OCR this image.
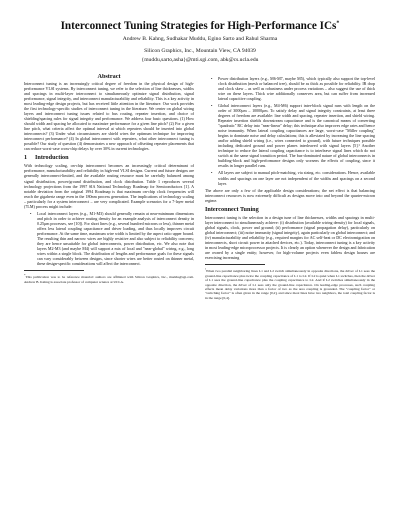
Interconnect Tuning Strategies for High-Performance ICs*
Andrew B. Kahng, Sudhakar Muddu, Egino Sarto and Rahul Sharma
Silicon Graphics, Inc., Mountain View, CA 94039
{muddu,sarto,asha}@mti.sgi.com, abk@cs.ucla.edu
Abstract

Interconnect tuning is an increasingly critical degree of freedom in the physical design of high-performance VLSI systems. By interconnect tuning, we refer to the selection of line thicknesses, widths and spacings in multi-layer interconnect to simultaneously optimize signal distribution, signal performance, signal integrity, and interconnect manufacturability and reliability. This is a key activity in most leading-edge design projects, but has received little attention in the literature. Our work provides the first technology-specific studies of interconnect tuning in the literature. We center on global wiring layers and interconnect tuning issues related to bus routing, repeater insertion, and choice of shielding/spacing rules for signal integrity and performance. We address four basic questions. (1) How should width and spacing be allocated to maximize performance for a given line pitch? (2) For a given line pitch, what criteria affect the optimal interval at which repeaters should be inserted into global interconnects? (3) Under what circumstances are shield wires the optimum technique for improving interconnect performance? (4) In global interconnect with repeaters, what other interconnect tuning is possible? Our study of question (4) demonstrates a new approach of offsetting repeater placements that can reduce worst-case cross-chip delays by over 30% in current technologies.

1 Introduction

With technology scaling, on-chip interconnect becomes an increasingly critical determinant of performance, manufacturability and reliability in high-end VLSI designs. Current and future designs are generally interconnect-limited, and the available routing resource must be carefully balanced among signal distribution, power/ground distribution, and clock distribution. Table 1 reproduces several technology projections from the 1997 SIA National Technology Roadmap for Semiconductors [1]. A notable deviation from the original 1994 Roadmap is that maximum on-chip clock frequencies will reach the gigahertz range even in the 180nm process generation. The implications of technology scaling – particularly for a system interconnect – are very complicated. Example scenarios for a 7-layer metal (7LM) process might include:

• Local interconnect layers (e.g., M1-M3) should generally remain at near-minimum dimensions and pitch in order to achieve routing density for an example analysis of interconnect density in 0.25μm processes, see [10]). For short lines (e.g., several hundred microns or less), thinner metal offers less lateral coupling capacitance and driver loading, and thus locally improves circuit performance. At the same time, maximum wire width is limited by the aspect ratio upper bound. The resulting thin and narrow wires are highly resistive and also subject to reliability concerns; they are hence unsuitable for global interconnects, power distribution, etc. We also note that layers M2-M3 (and maybe M4) will support a mix of local and "near-global" wiring, e.g., long wires within a single block. The distribution of lengths and performance goals for these signals can vary considerably between designs, since shorter wires are better routed on thinner metal, these design-specific considerations will affect the interconnect.
*This publication was to be reference material: authors are affiliated with Silicon Graphics, Inc., muddu@sgi.com. Andrew B. Kahng is associate professor of computer science at UCLA.
• Power distribution layers (e.g., M6-M7, maybe M5), which typically also support the top-level clock distribution (mesh or balanced tree), should be as thick as possible for reliability. IR drop and clock skew – as well as robustness under process variations – also suggest the use of thick wire on these layers. Thick wire additionally conserves area, but can suffer from increased lateral capacitive coupling.
• Global interconnect layers (e.g., M4-M6) support inter-block signal runs with length on the order of 3000μm – 10000μm. To satisfy delay and signal integrity constraints, at least three degrees of freedom are available: line width and spacing, repeater insertion, and shield wiring. Repeater insertion shields downstream capacitance and is the canonical means of converting "quadratic" RC delay into "near-linear" delay; this technique also improves edge rates and hence noise immunity. When lateral coupling capacitances are large, worst-case "Miller coupling" begins to dominate noise and delay calculations; this is alleviated by increasing the line spacing and/or adding shield wiring (i.e., wires connected to ground), with future techniques possible including dedicated ground and power planes interleaved with signal layers [5].¹ Another technique to reduce the lateral coupling capacitance is to interleave signal lines which do not switch at the same signal transition period. The bus-dominated nature of global interconnects in building-block and high-performance designs only worsens the effects of coupling, since it results in longer parallel runs.
• All layers are subject to manual pitch-matching, via sizing, etc. considerations. Hence, available widths and spacings on one layer are not independent of the widths and spacings on a second layer.

The above are only a few of the applicable design considerations; the net effect is that balancing interconnect resources is now extremely difficult as designs move into and beyond the quarter-micron regime.

Interconnect Tuning

Interconnect tuning is the selection in a design tune of line thicknesses, widths and spacings in multi-layer interconnect to simultaneously achieve: (i) distribution (available wiring density) for local signals, global signals, clock, power and ground; (ii) performance (signal propagation delay), particularly on global interconnect; (iii) noise immunity (signal integrity), again particularly on global interconnect; and (iv) manufacturability and reliability (e.g., required margins for AC self-heat or DC electromigration on interconnects, short circuit power in attached devices, etc.). Today, interconnect tuning is a key activity in most leading-edge microprocessor projects. It is clearly an option whenever the design and fabrication are owned by a single entity; however, for high-volume projects even fabless design houses are exercising increasing

$^{^1}$When two parallel neighboring lines L1 and L2 switch simultaneously in opposite directions, the driver of L1 sees the ground-line capacitance plus twice the coupling capacitance of L1 to L2. If L2 is quiet when L1 switches, then the driver of L1 sees the ground-line capacitance plus the coupling capacitance to L2. And if L2 switches simultaneously in the opposite direction, the driver of L1 sees only the ground-line capacitance. On leading-edge processes, such coupling effects mean delay variations more than a factor of two as the area coupling is grounded. The "coupling factor" or "switching factor" is often given in the range [0,2], and since most lines have two neighbors, the total coupling factor is in the range [0,4].
